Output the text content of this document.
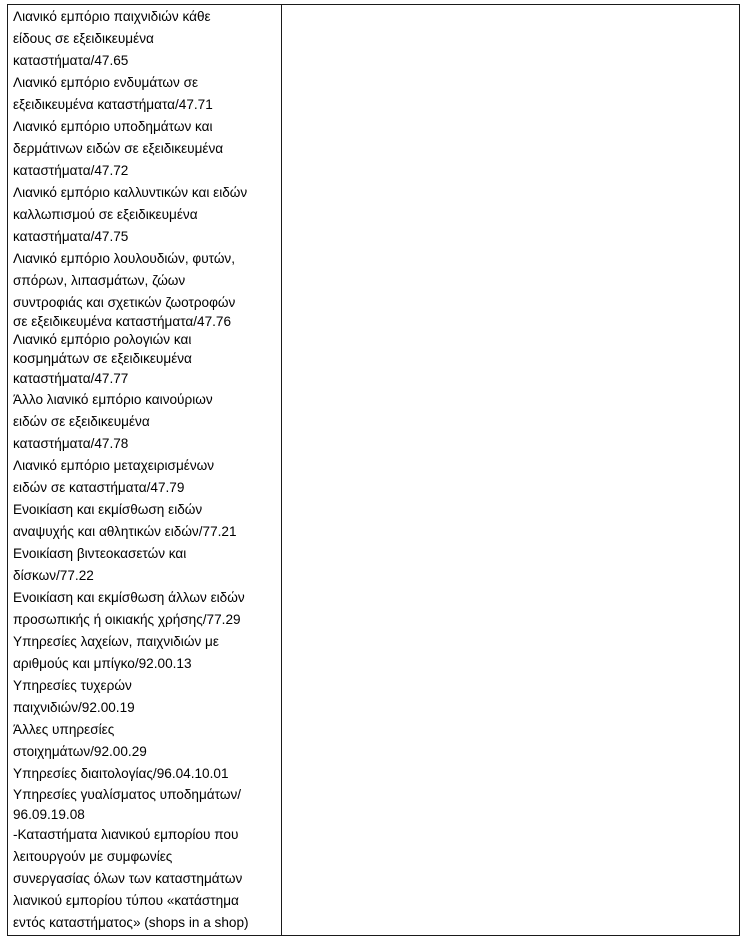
Λιανικό εμπόριο παιχνιδιών κάθε
είδους σε εξειδικευμένα
καταστήματα/47.65
Λιανικό εμπόριο ενδυμάτων σε
εξειδικευμένα καταστήματα/47.71
Λιανικό εμπόριο υποδημάτων και
δερμάτινων ειδών σε εξειδικευμένα
καταστήματα/47.72
Λιανικό εμπόριο καλλυντικών και ειδών
καλλωπισμού σε εξειδικευμένα
καταστήματα/47.75
Λιανικό εμπόριο λουλουδιών, φυτών,
σπόρων, λιπασμάτων, ζώων
συντροφιάς και σχετικών ζωοτροφών
σε εξειδικευμένα καταστήματα/47.76
Λιανικό εμπόριο ρολογιών και
κοσμημάτων σε εξειδικευμένα
καταστήματα/47.77
Άλλο λιανικό εμπόριο καινούριων
ειδών σε εξειδικευμένα
καταστήματα/47.78
Λιανικό εμπόριο μεταχειρισμένων
ειδών σε καταστήματα/47.79
Ενοικίαση και εκμίσθωση ειδών
αναψυχής και αθλητικών ειδών/77.21
Ενοικίαση βιντεοκασετών και
δίσκων/77.22
Ενοικίαση και εκμίσθωση άλλων ειδών
προσωπικής ή οικιακής χρήσης/77.29
Υπηρεσίες λαχείων, παιχνιδιών με
αριθμούς και μπίγκο/92.00.13
Υπηρεσίες τυχερών
παιχνιδιών/92.00.19
Άλλες υπηρεσίες
στοιχημάτων/92.00.29
Υπηρεσίες διαιτολογίας/96.04.10.01
Υπηρεσίες γυαλίσματος υποδημάτων/
96.09.19.08
-Καταστήματα λιανικού εμπορίου που
λειτουργούν με συμφωνίες
συνεργασίας όλων των καταστημάτων
λιανικού εμπορίου τύπου «κατάστημα
εντός καταστήματος» (shops in a shop)
